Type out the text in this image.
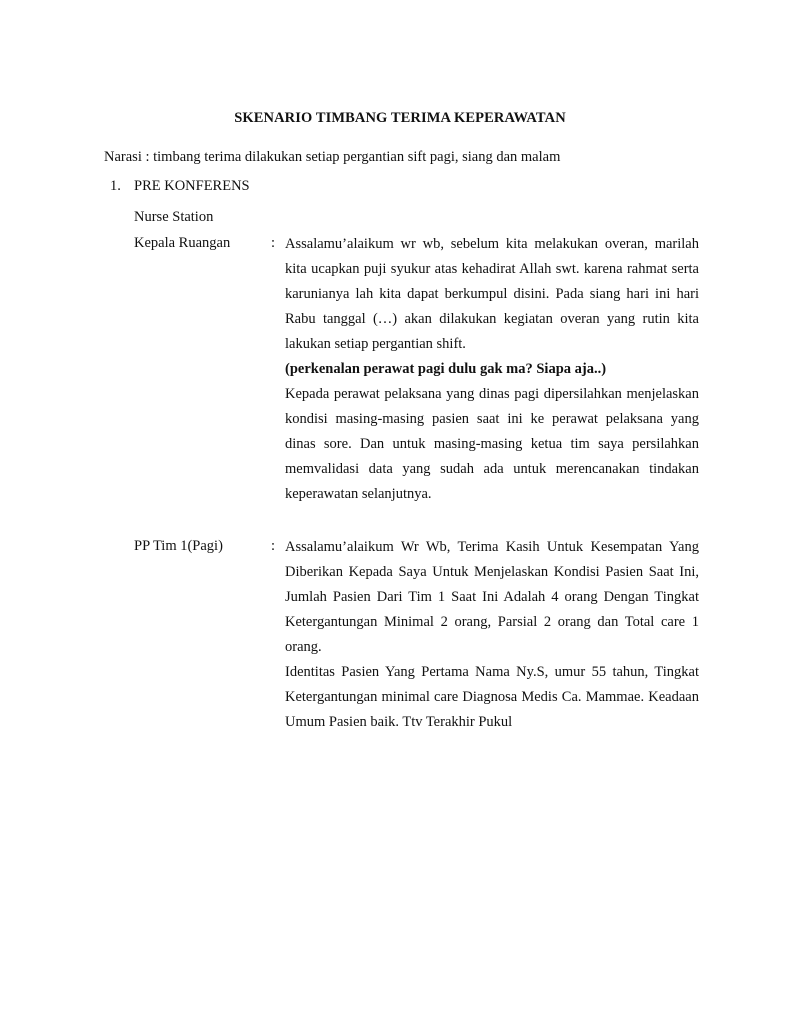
SKENARIO TIMBANG TERIMA KEPERAWATAN
Narasi : timbang terima dilakukan setiap pergantian sift pagi, siang dan malam
1. PRE KONFERENS
Nurse Station
Kepala Ruangan	: Assalamu’alaikum wr wb, sebelum kita melakukan overan, marilah kita ucapkan puji syukur atas kehadirat Allah swt. karena rahmat serta karunianya lah kita dapat berkumpul disini. Pada siang hari ini hari Rabu tanggal (…) akan dilakukan kegiatan overan yang rutin kita lakukan setiap pergantian shift.

(perkenalan perawat pagi dulu gak ma? Siapa aja..)

Kepada perawat pelaksana yang dinas pagi dipersilahkan menjelaskan kondisi masing-masing pasien saat ini ke perawat pelaksana yang dinas sore. Dan untuk masing-masing ketua tim saya persilahkan memvalidasi data yang sudah ada untuk merencanakan tindakan keperawatan selanjutnya.

PP Tim 1(Pagi)	: Assalamu’alaikum Wr Wb, Terima Kasih Untuk Kesempatan Yang Diberikan Kepada Saya Untuk Menjelaskan Kondisi Pasien Saat Ini, Jumlah Pasien Dari Tim 1 Saat Ini Adalah 4 orang Dengan Tingkat Ketergantungan Minimal 2 orang, Parsial 2 orang dan Total care 1 orang.

Identitas Pasien Yang Pertama Nama Ny.S, umur 55 tahun, Tingkat Ketergantungan minimal care Diagnosa Medis Ca. Mammae. Keadaan Umum Pasien baik. Ttv Terakhir Pukul
